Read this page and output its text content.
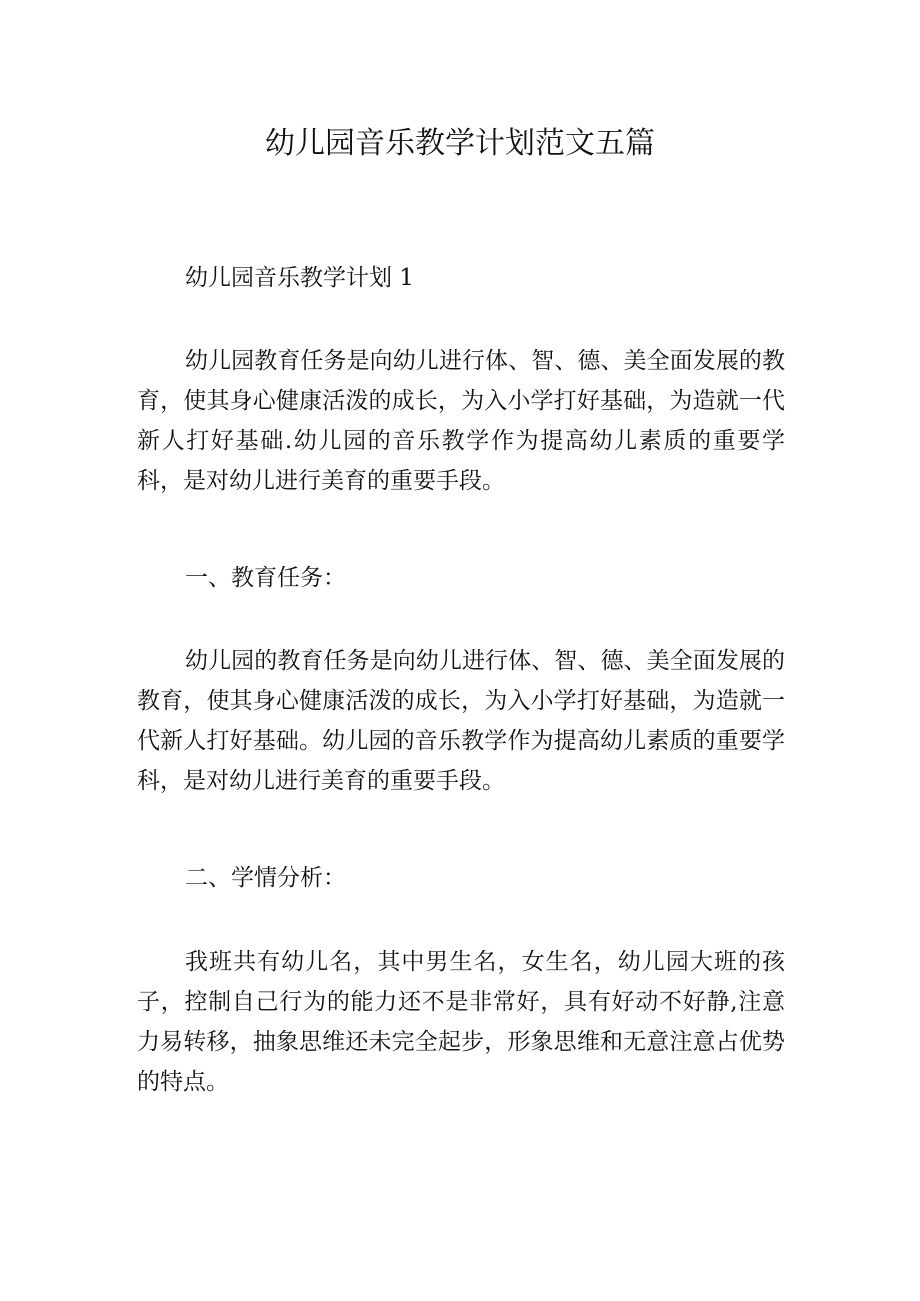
幼儿园音乐教学计划范文五篇
幼儿园音乐教学计划 1
幼儿园教育任务是向幼儿进行体、智、德、美全面发展的教育，使其身心健康活泼的成长，为入小学打好基础，为造就一代新人打好基础.幼儿园的音乐教学作为提高幼儿素质的重要学科，是对幼儿进行美育的重要手段。
一、教育任务：
幼儿园的教育任务是向幼儿进行体、智、德、美全面发展的教育，使其身心健康活泼的成长，为入小学打好基础，为造就一代新人打好基础。幼儿园的音乐教学作为提高幼儿素质的重要学科，是对幼儿进行美育的重要手段。
二、学情分析：
我班共有幼儿名，其中男生名，女生名，幼儿园大班的孩子，控制自己行为的能力还不是非常好，具有好动不好静,注意力易转移，抽象思维还未完全起步，形象思维和无意注意占优势的特点。
